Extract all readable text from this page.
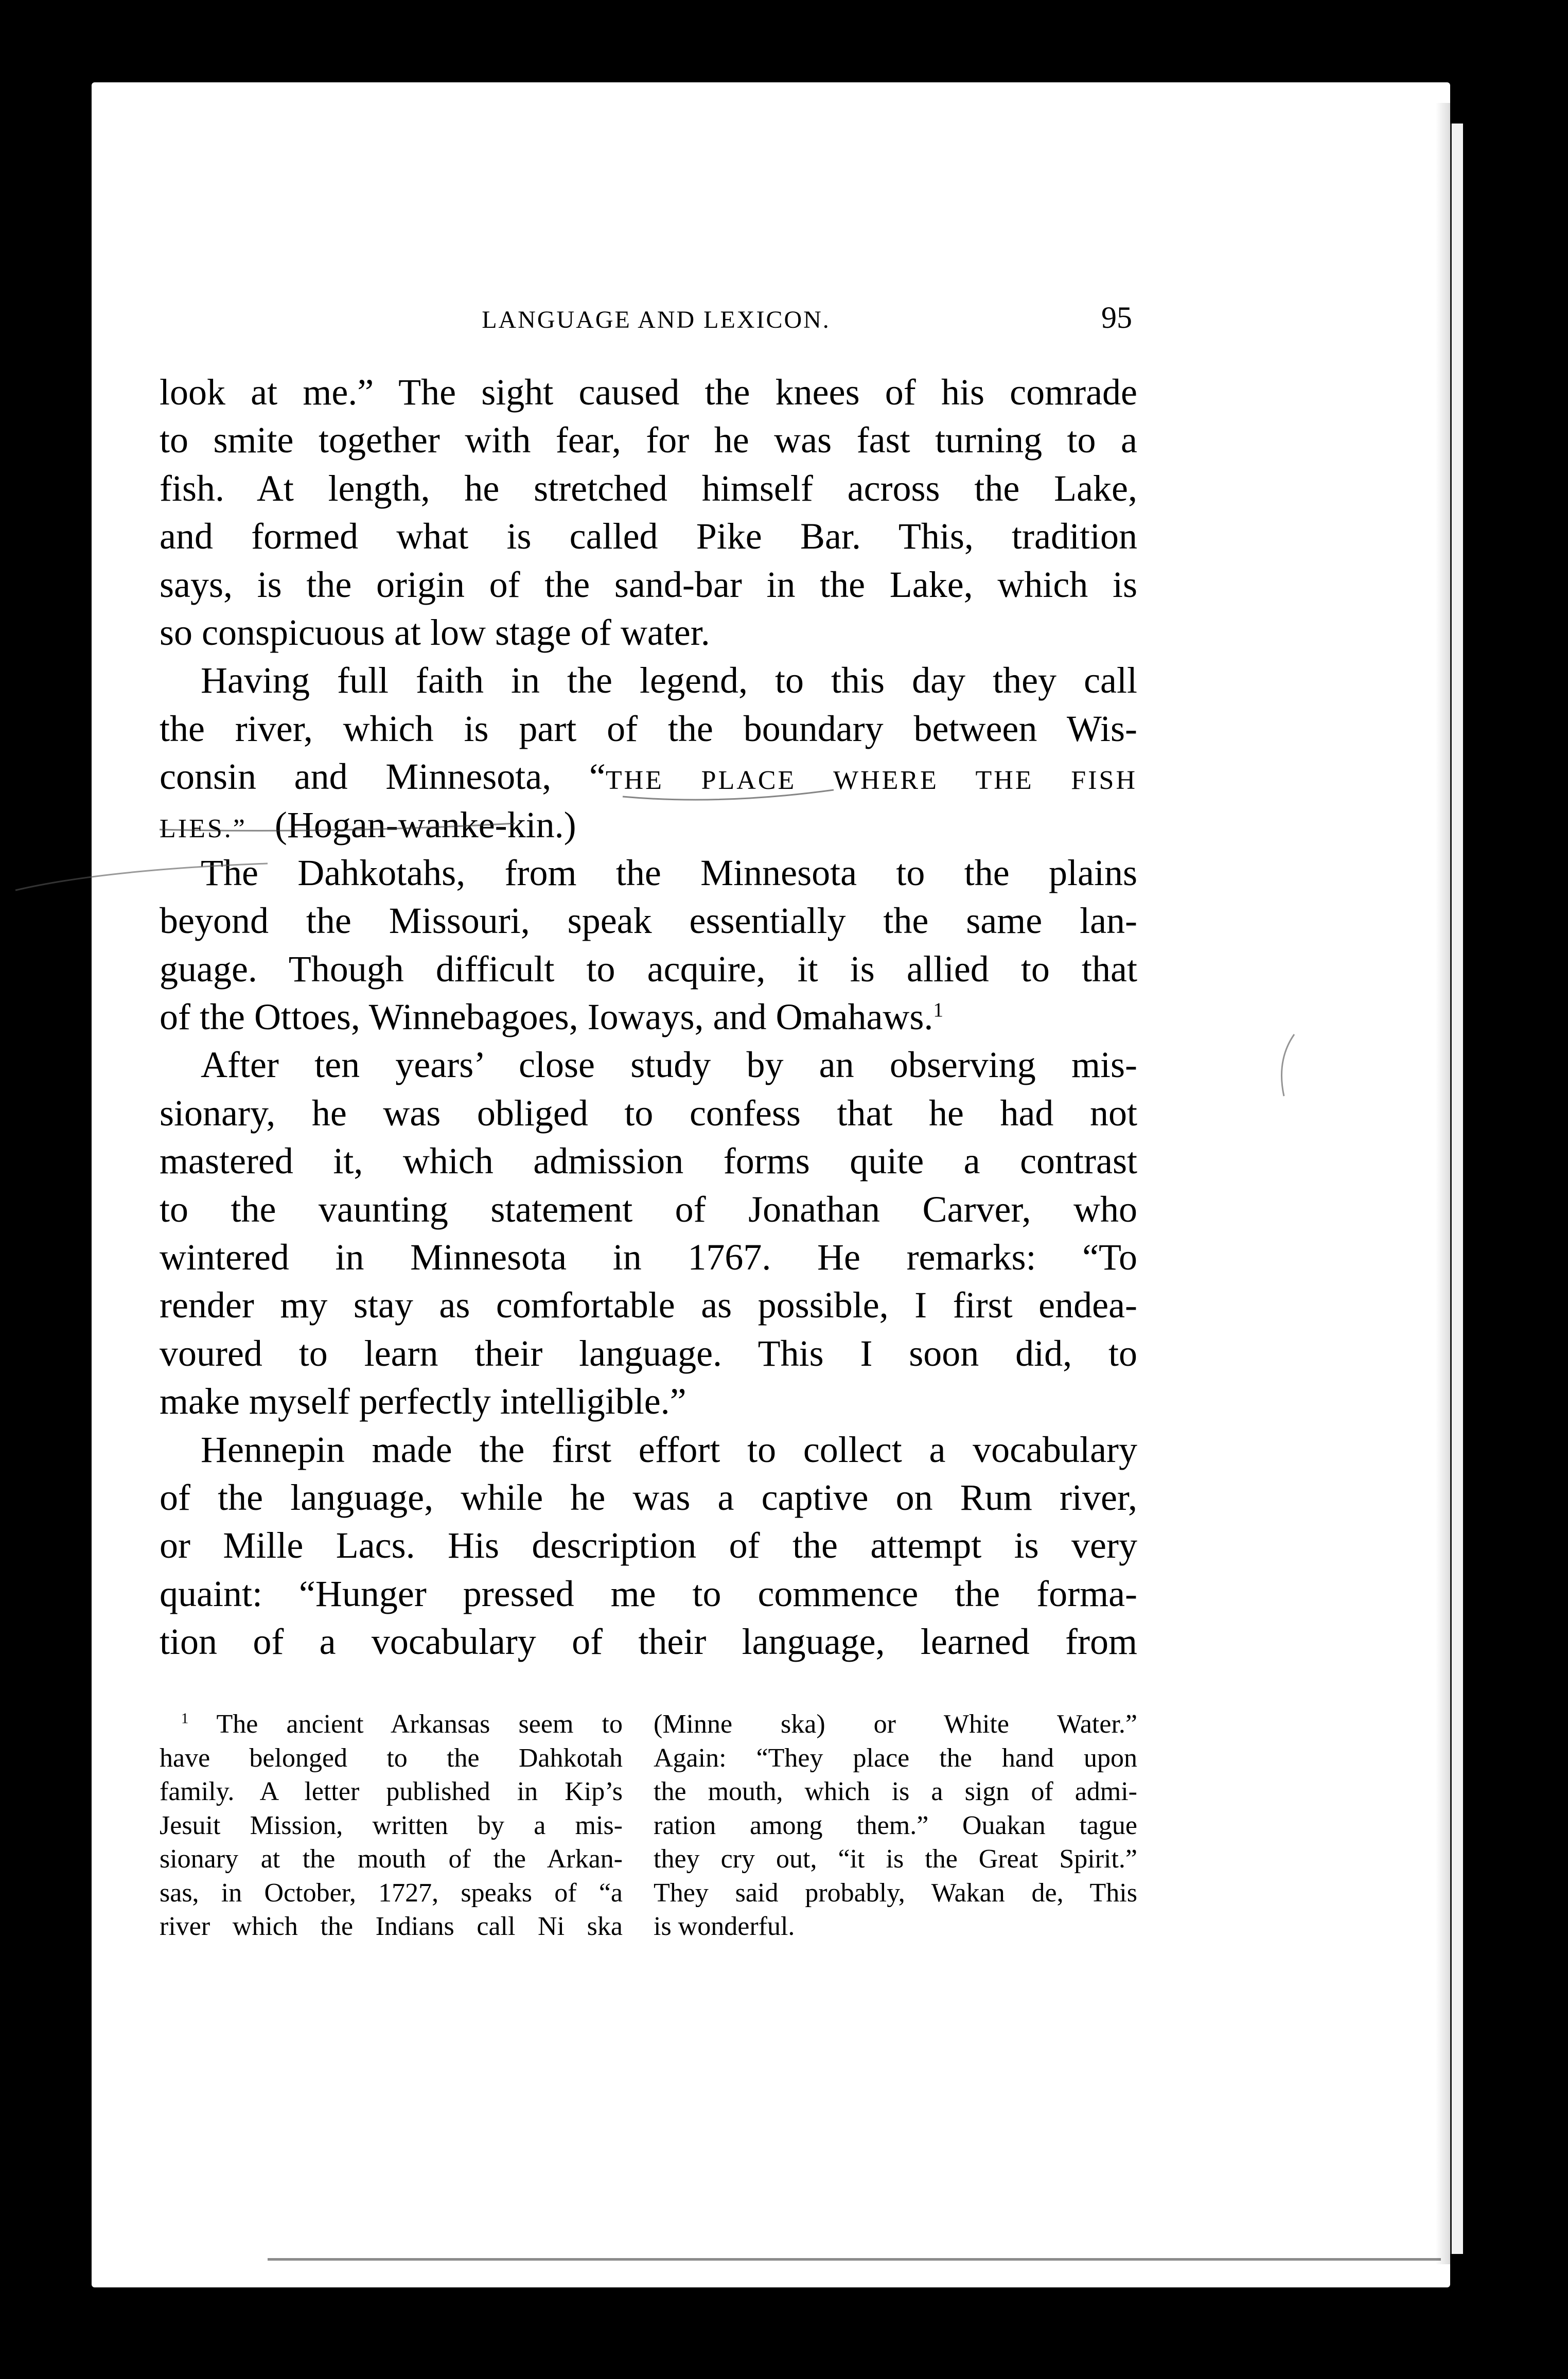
LANGUAGE AND LEXICON.	95
look at me.” The sight caused the knees of his comrade
to smite together with fear, for he was fast turning to a
fish. At length, he stretched himself across the Lake,
and formed what is called Pike Bar. This, tradition
says, is the origin of the sand-bar in the Lake, which is
so conspicuous at low stage of water.
Having full faith in the legend, to this day they call
the river, which is part of the boundary between Wis-
consin and Minnesota, “THE PLACE WHERE THE FISH
LIES.” (Hogan-wanke-kin.)
The Dahkotahs, from the Minnesota to the plains
beyond the Missouri, speak essentially the same lan-
guage. Though difficult to acquire, it is allied to that
of the Ottoes, Winnebagoes, Ioways, and Omahaws.$^1$
After ten years’ close study by an observing mis-
sionary, he was obliged to confess that he had not
mastered it, which admission forms quite a contrast
to the vaunting statement of Jonathan Carver, who
wintered in Minnesota in 1767. He remarks: “To
render my stay as comfortable as possible, I first endea-
voured to learn their language. This I soon did, to
make myself perfectly intelligible.”
Hennepin made the first effort to collect a vocabulary
of the language, while he was a captive on Rum river,
or Mille Lacs. His description of the attempt is very
quaint: “Hunger pressed me to commence the forma-
tion of a vocabulary of their language, learned from
$^1$ The ancient Arkansas seem to
have belonged to the Dahkotah
family. A letter published in Kip’s
Jesuit Mission, written by a mis-
sionary at the mouth of the Arkan-
sas, in October, 1727, speaks of “a
river which the Indians call Ni ska
(Minne ska) or White Water.”
Again: “They place the hand upon
the mouth, which is a sign of admi-
ration among them.” Ouakan tague
they cry out, “it is the Great Spirit.”
They said probably, Wakan de, This
is wonderful.
